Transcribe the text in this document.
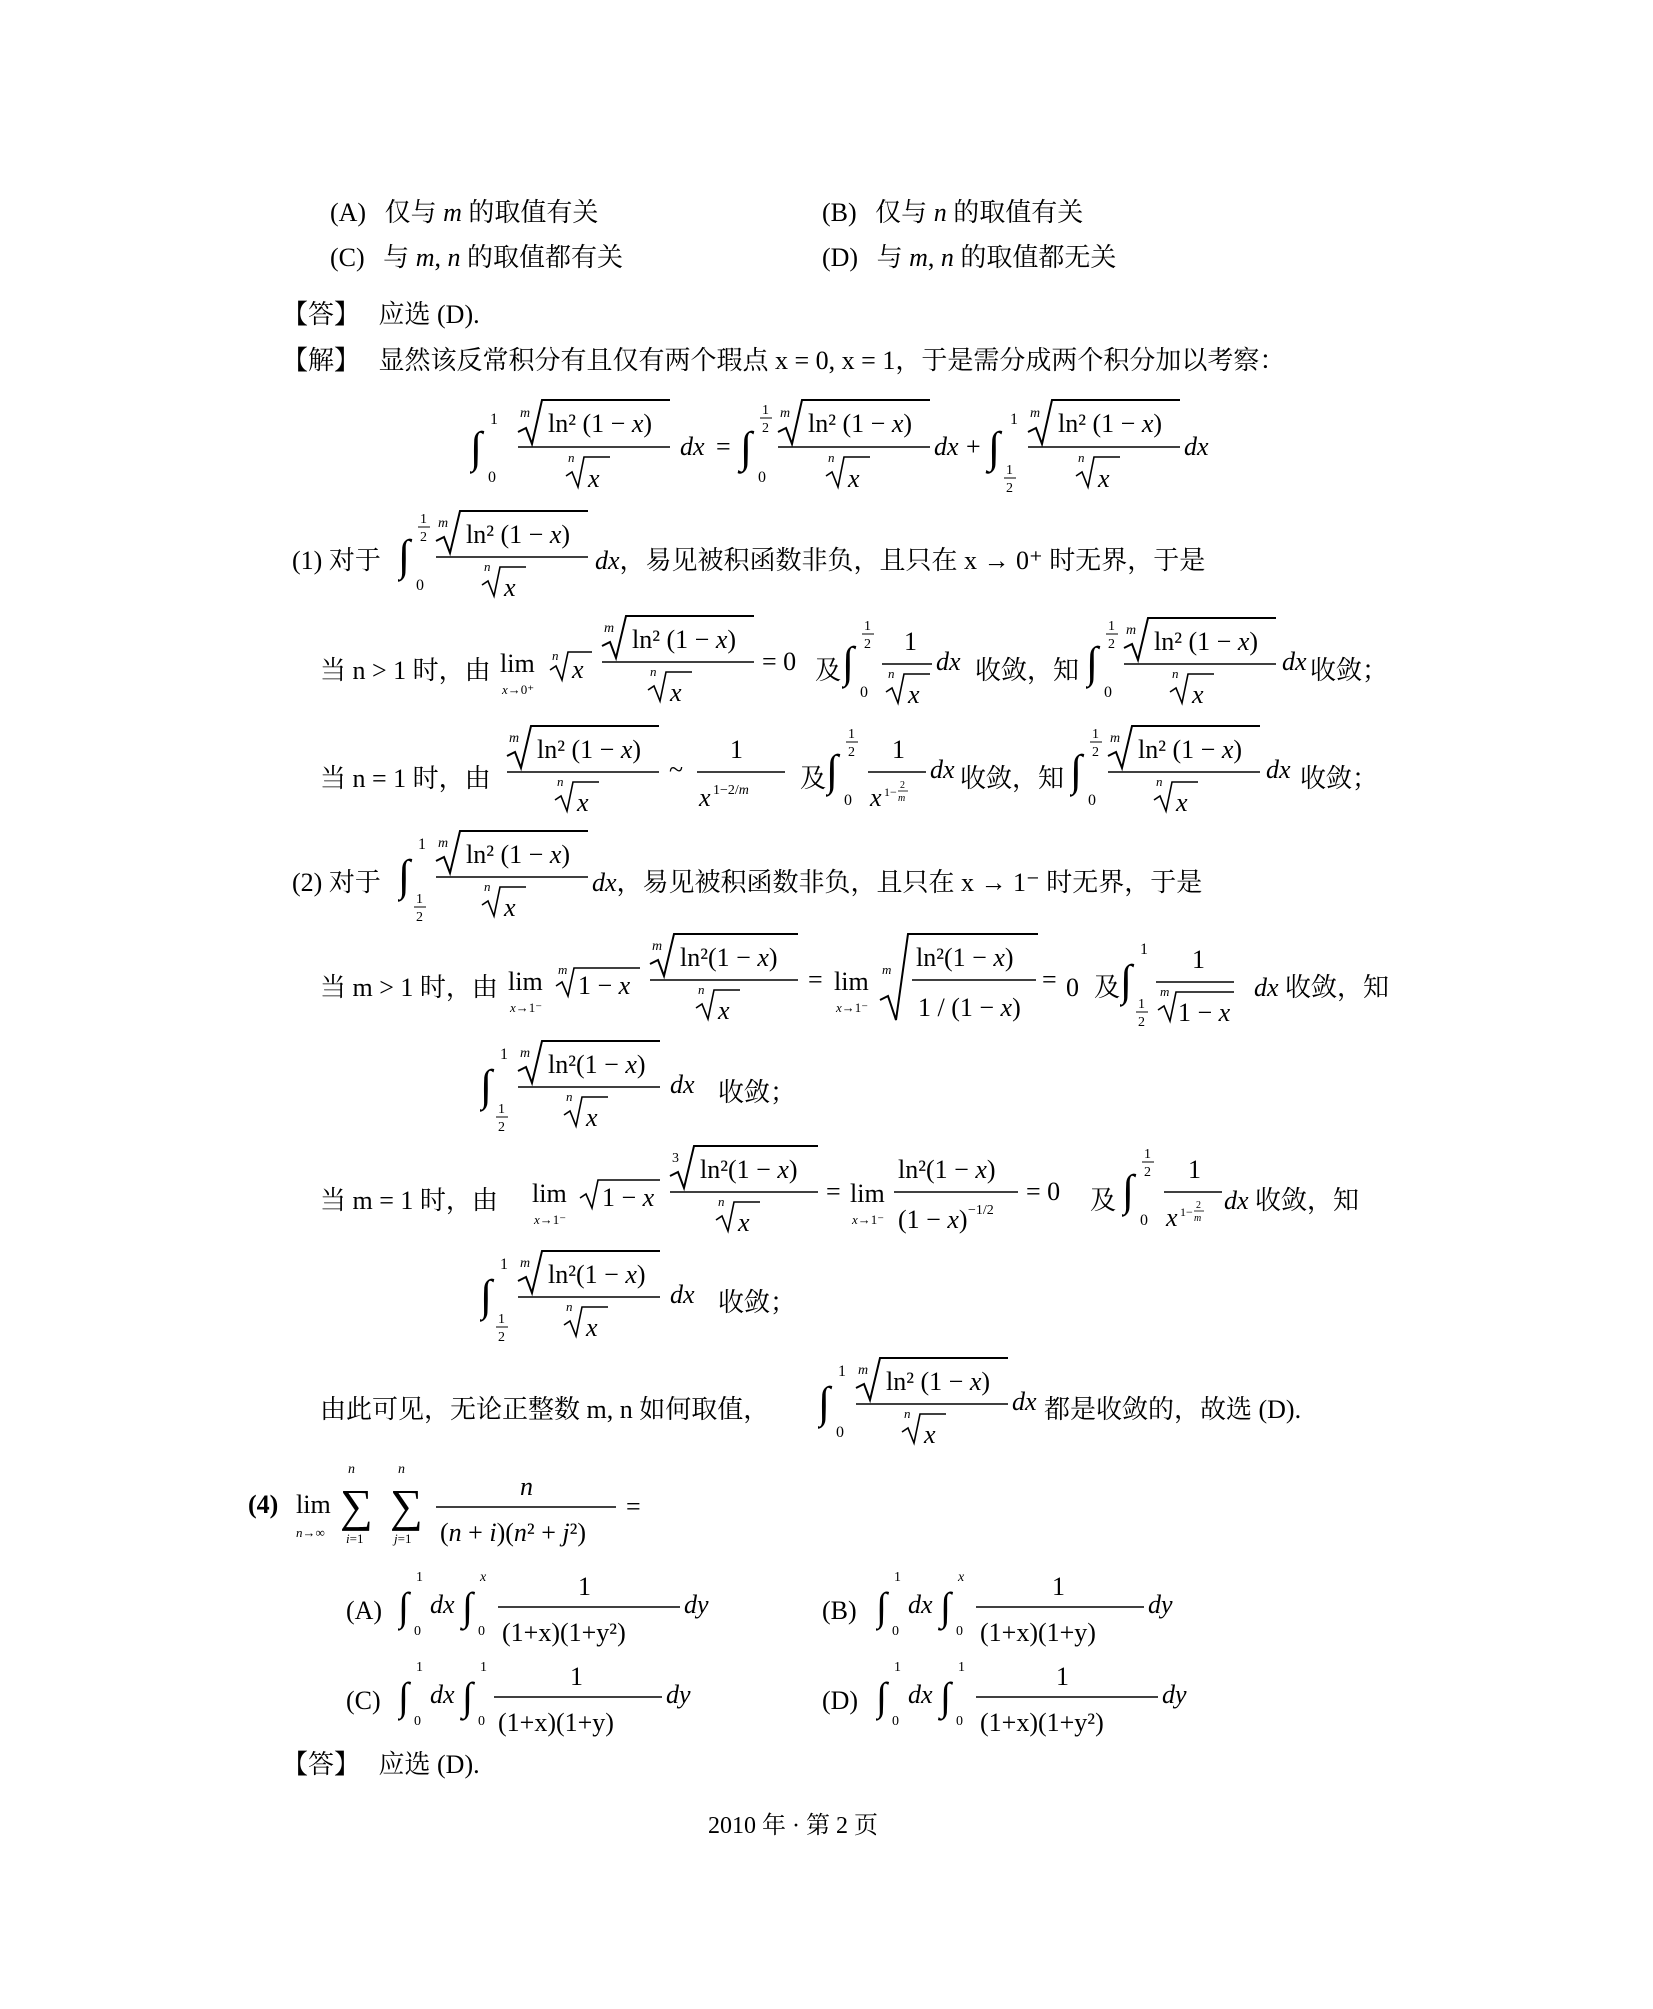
(A) 仅与 m 的取值有关	(B) 仅与 n 的取值有关
(C) 与 m, n 的取值都有关	(D) 与 m, n 的取值都无关
【答】 应选 (D).
【解】 显然该反常积分有且仅有两个瑕点 x = 0, x = 1，于是需分成两个积分加以考察：
∫
1
0
m ln² (1 − x)
n
x
dx = ∫
1
2
0
m ln² (1 − x)
n
x
dx + ∫
1
1
2
m ln² (1 − x)
n
x
dx
(1) 对于 ∫
1
2
0
m ln² (1 − x)
n
x
dx，易见被积函数非负，且只在 x → 0⁺ 时无界，于是
当 n > 1 时，由 lim
x→0⁺
n x
m ln² (1 − x)
n
x
= 0 及 ∫
1
2
0
1
n
x
dx 收敛，知 ∫
1
2
0
m ln² (1 − x)
n
x
dx 收敛；
当 n = 1 时，由
m ln² (1 − x)
n
x
~
1
x 1−2/m 及 ∫
1
2
0
1
x 1− 2
m
dx 收敛，知 ∫
1
2
0
m ln² (1 − x)
n
x
dx 收敛；
(2) 对于 ∫
1
1
2
m ln² (1 − x)
n
x
dx，易见被积函数非负，且只在 x → 1⁻ 时无界，于是
当 m > 1 时，由 lim
x→1⁻
m
1 − x
m ln²(1 − x)
n
x
= lim
x→1⁻
m ln²(1 − x)
1 / (1 − x)
= 0 及 ∫
1
1
2
1
m
1 − x
dx 收敛，知
∫
1
1
2
m ln²(1 − x)
n
x
dx 收敛；
当 m = 1 时，由 lim
x→1⁻
1 − x
3 ln²(1 − x)
n
x
= lim
x→1⁻
ln²(1 − x)
(1 − x) −1/2
= 0 及 ∫
1
2
0
1
x 1− 2
m
dx 收敛，知
∫
1
1
2
m ln²(1 − x)
n
x
dx 收敛；
由此可见，无论正整数 m, n 如何取值， ∫
1
0
m ln² (1 − x)
n
x
dx 都是收敛的，故选 (D).
(4) lim
n→∞
n
∑
i=1
n
∑
j=1
n
(n + i)(n² + j²)
=
(A) ∫
1
0
dx ∫
x
0
1
(1+x)(1+y²)
dy	(B) ∫
1
0
dx ∫
x
0
1
(1+x)(1+y)
dy
(C) ∫
1
0
dx ∫
1
0
1
(1+x)(1+y)
dy	(D) ∫
1
0
dx ∫
1
0
1
(1+x)(1+y²)
dy
【答】 应选 (D).
2010 年 · 第 2 页
